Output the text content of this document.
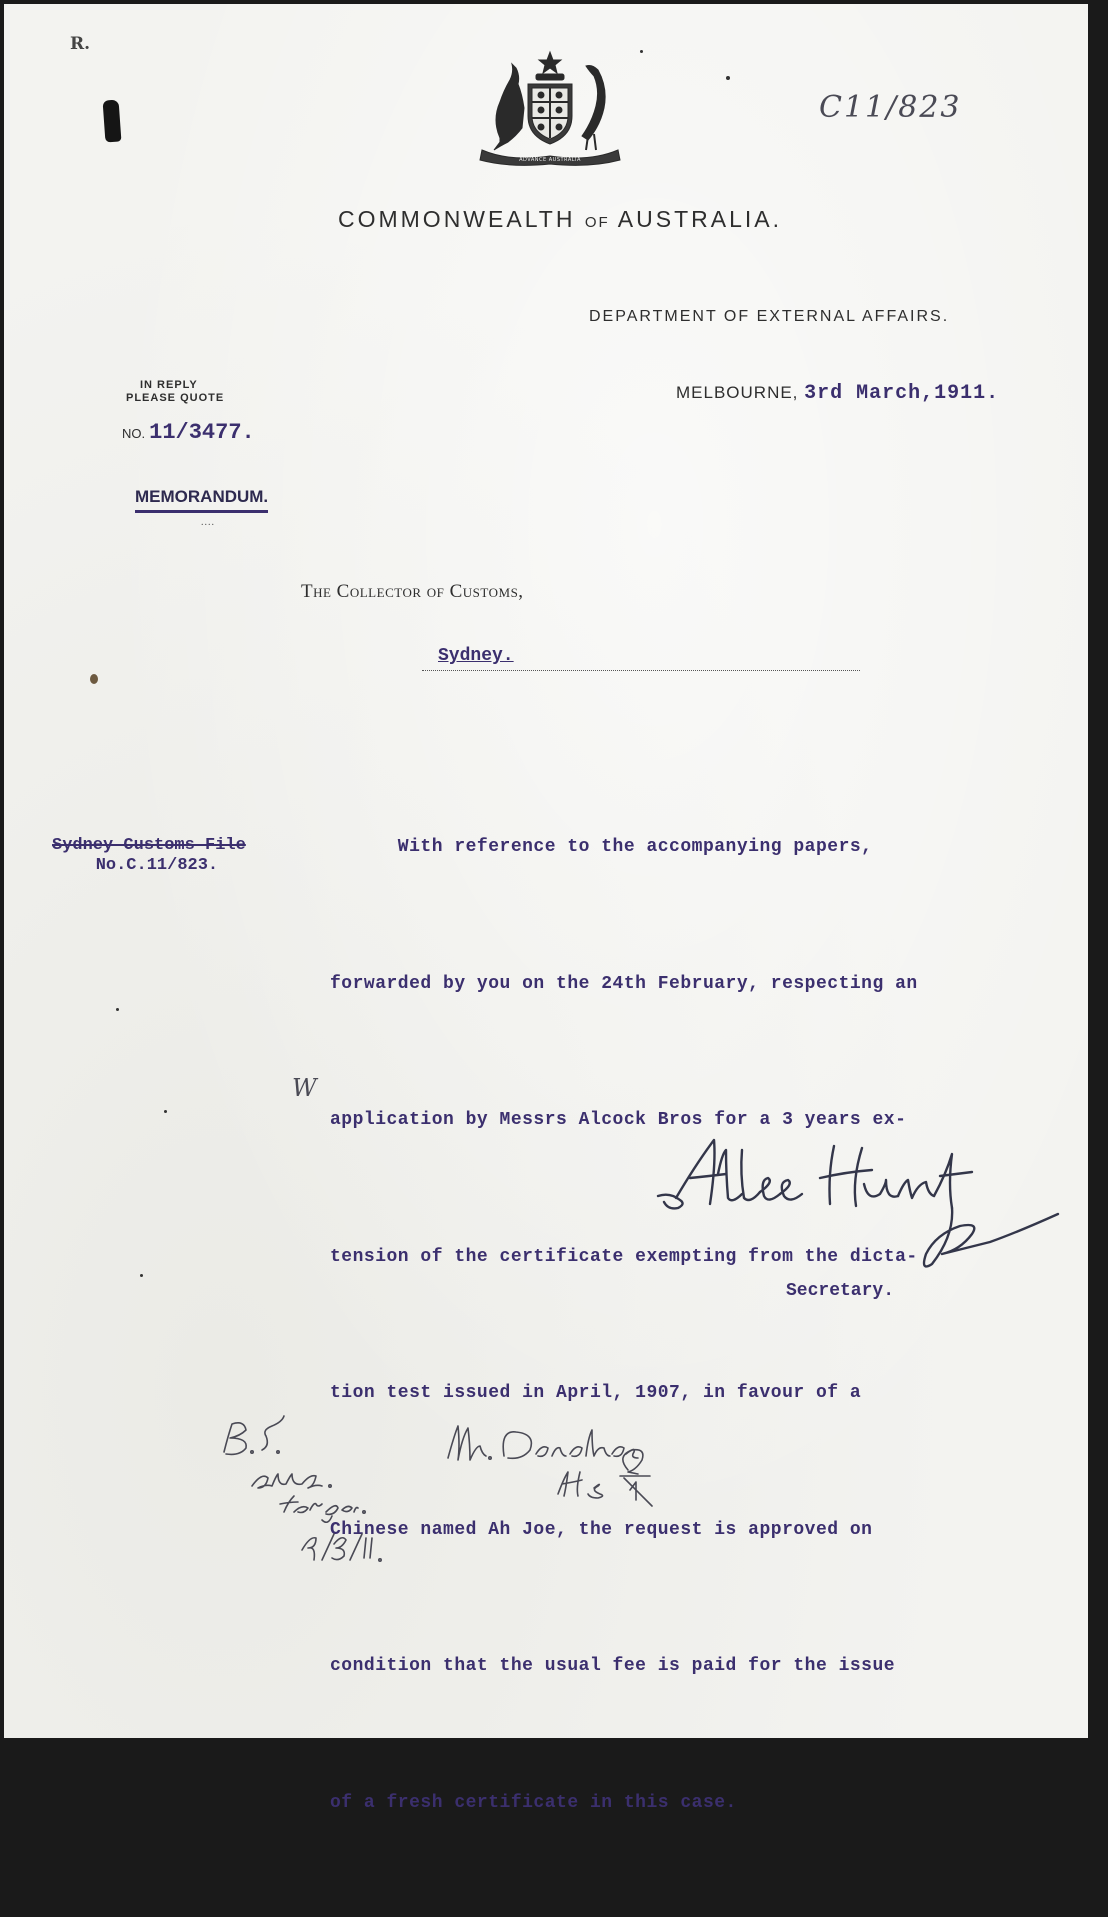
R.
C11/823
ADVANCE AUSTRALIA
COMMONWEALTH OF AUSTRALIA.
DEPARTMENT OF EXTERNAL AFFAIRS.
MELBOURNE, 3rd March,1911.
IN REPLY
PLEASE QUOTE
NO. 11/3477.
MEMORANDUM.
....
The Collector of Customs,
Sydney.

With reference to the accompanying papers,

forwarded by you on the 24th February, respecting an

application by Messrs Alcock Bros for a 3 years ex-

tension of the certificate exempting from the dicta-

tion test issued in April, 1907, in favour of a

Chinese named Ah Joe, the request is approved on

condition that the usual fee is paid for the issue

of a fresh certificate in this case.

Sydney Customs File
No.C.11/823.
W
Secretary.
